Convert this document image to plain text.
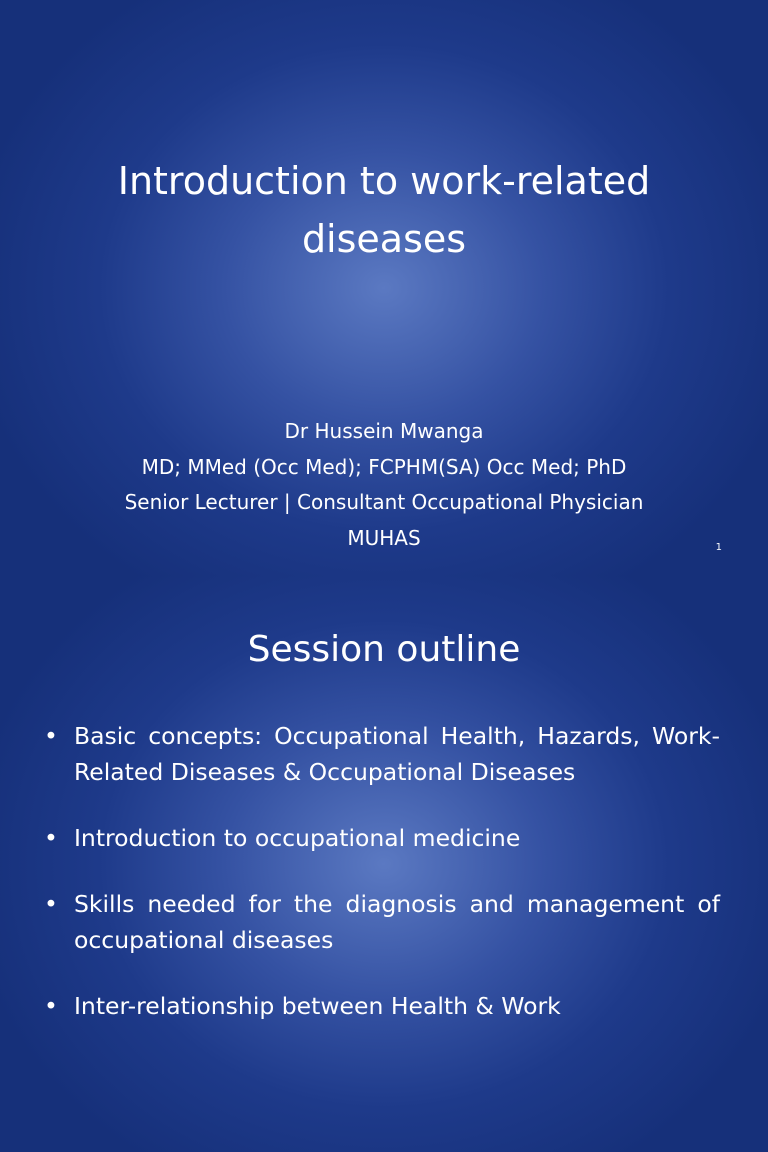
Introduction to work-related diseases
Dr Hussein Mwanga
MD; MMed (Occ Med); FCPHM(SA) Occ Med; PhD
Senior Lecturer | Consultant Occupational Physician
MUHAS	1
Session outline
• Basic concepts: Occupational Health, Hazards, Work-Related Diseases & Occupational Diseases
• Introduction to occupational medicine
• Skills needed for the diagnosis and management of occupational diseases
• Inter-relationship between Health & Work
